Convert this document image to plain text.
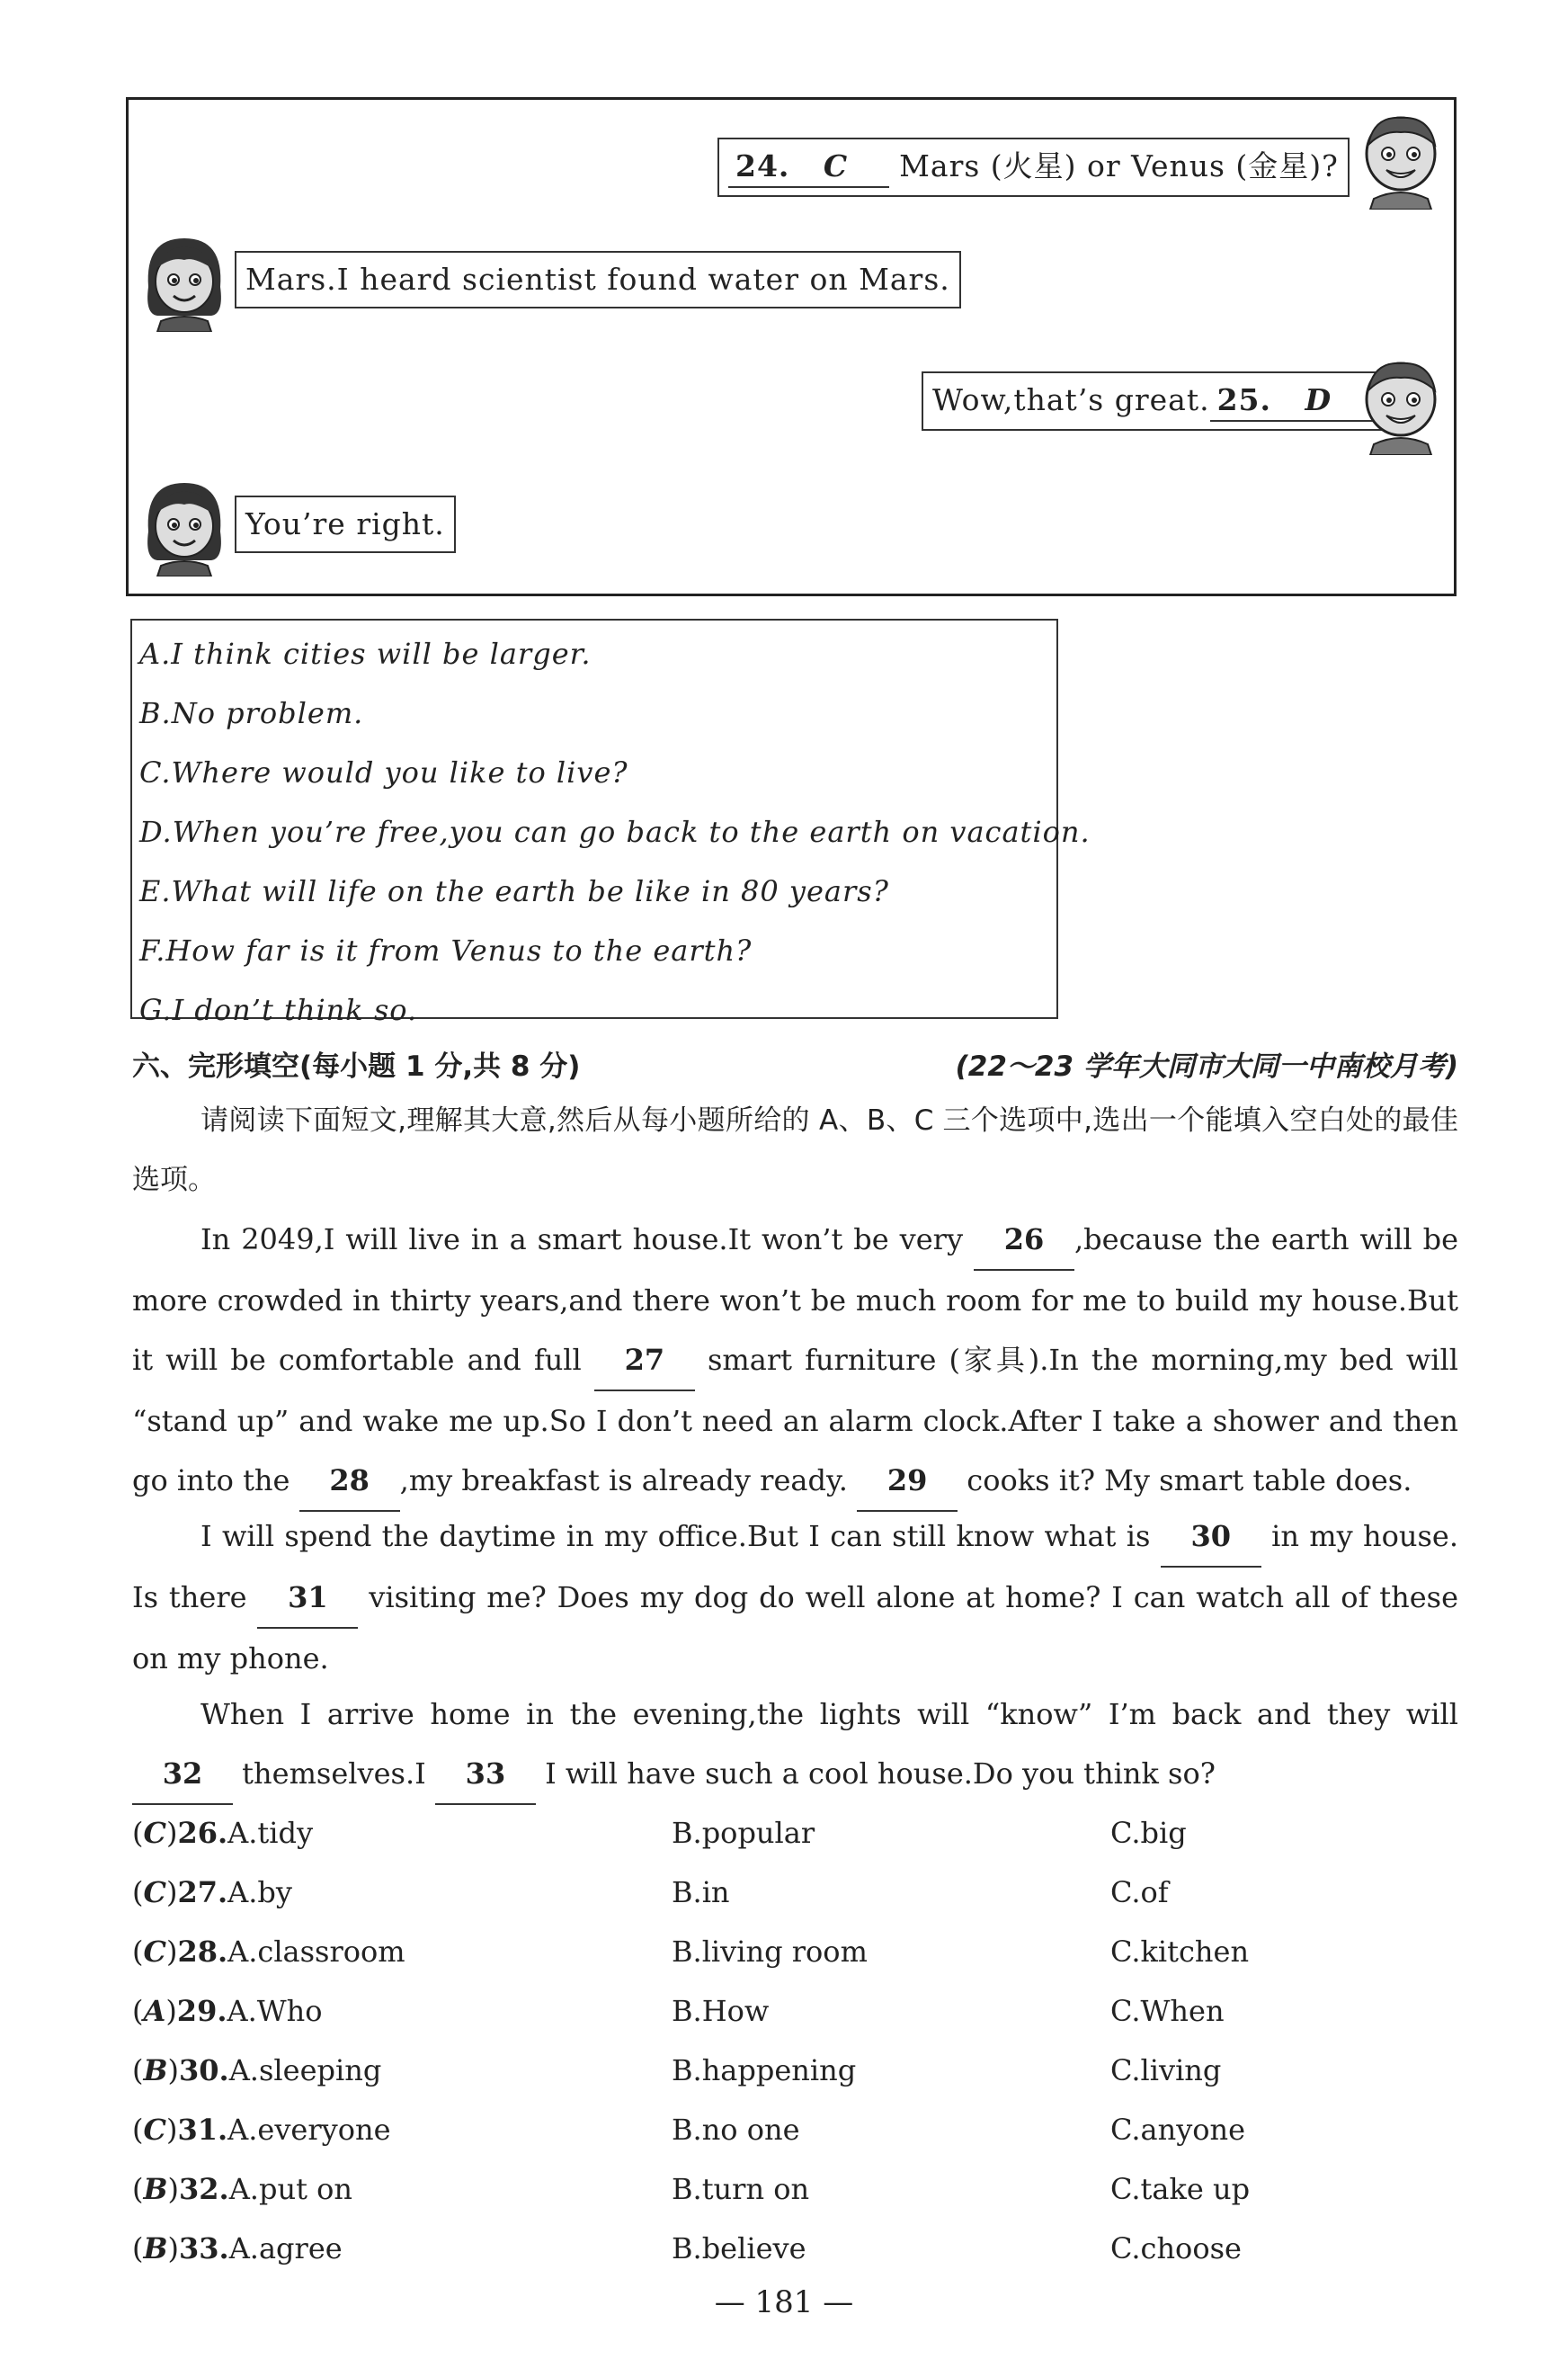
24. C Mars (火星) or Venus (金星)?
Mars.I heard scientist found water on Mars.
Wow,that’s great. 25. D
You’re right.
A.I think cities will be larger.
B.No problem.
C.Where would you like to live?
D.When you’re free,you can go back to the earth on vacation.
E.What will life on the earth be like in 80 years?
F.How far is it from Venus to the earth?
G.I don’t think so.
六、完形填空(每小题 1 分,共 8 分)	(22～23 学年大同市大同一中南校月考)
请阅读下面短文,理解其大意,然后从每小题所给的 A、B、C 三个选项中,选出一个能填入空白处的最佳选项。
In 2049,I will live in a smart house.It won’t be very 26 ,because the earth will be more crowded in thirty years,and there won’t be much room for me to build my house.But it will be comfortable and full 27 smart furniture (家具).In the morning,my bed will “stand up” and wake me up.So I don’t need an alarm clock.After I take a shower and then go into the 28 ,my breakfast is already ready. 29 cooks it? My smart table does.
I will spend the daytime in my office.But I can still know what is 30 in my house. Is there 31 visiting me? Does my dog do well alone at home? I can watch all of these on my phone.
When I arrive home in the evening,the lights will “know” I’m back and they will 32 themselves.I 33 I will have such a cool house.Do you think so?
(C)26.A.tidy	B.popular	C.big
(C)27.A.by	B.in	C.of
(C)28.A.classroom	B.living room	C.kitchen
(A)29.A.Who	B.How	C.When
(B)30.A.sleeping	B.happening	C.living
(C)31.A.everyone	B.no one	C.anyone
(B)32.A.put on	B.turn on	C.take up
(B)33.A.agree	B.believe	C.choose
— 181 —
